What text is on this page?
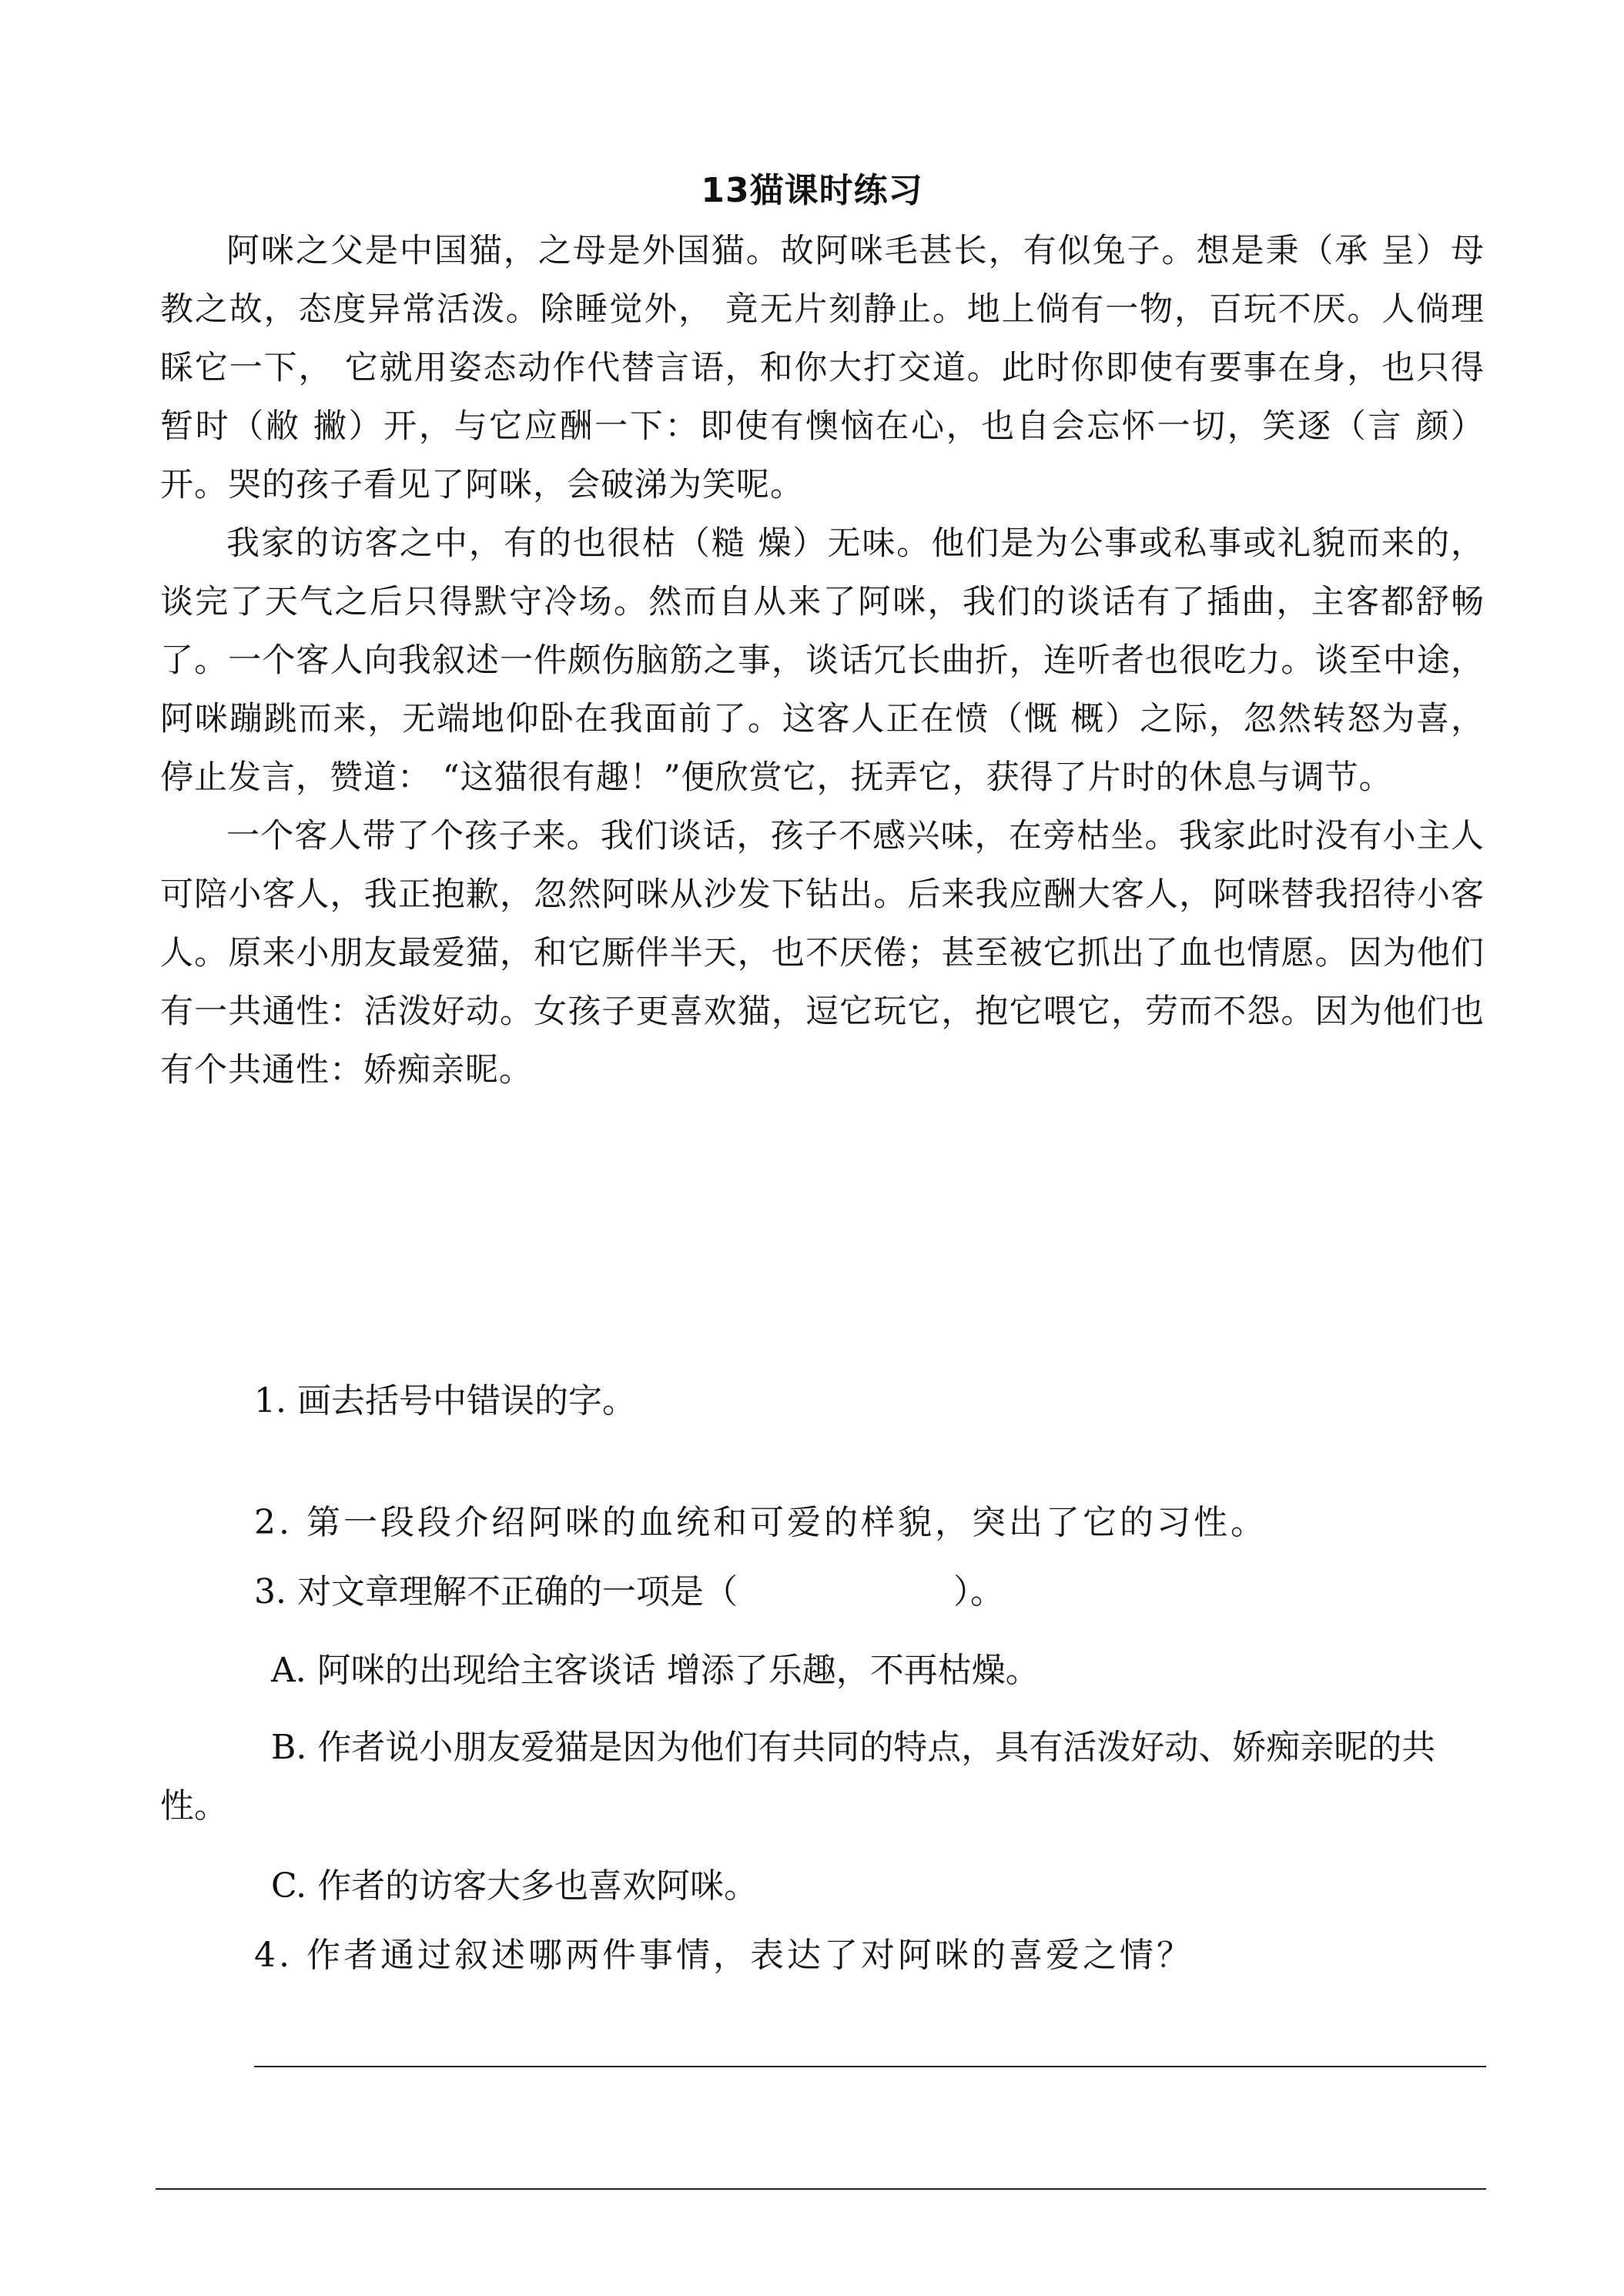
13猫课时练习

阿咪之父是中国猫，之母是外国猫。故阿咪毛甚长，有似兔子。想是秉（承 呈）母教之故，态度异常活泼。除睡觉外， 竟无片刻静止。地上倘有一物，百玩不厌。人倘理睬它一下， 它就用姿态动作代替言语，和你大打交道。此时你即使有要事在身，也只得暂时（敝 撇）开，与它应酬一下：即使有懊恼在心，也自会忘怀一切，笑逐（言 颜）开。哭的孩子看见了阿咪，会破涕为笑呢。

我家的访客之中，有的也很枯（糙 燥）无味。他们是为公事或私事或礼貌而来的，谈完了天气之后只得默守冷场。然而自从来了阿咪，我们的谈话有了插曲，主客都舒畅了。一个客人向我叙述一件颇伤脑筋之事，谈话冗长曲折，连听者也很吃力。谈至中途，阿咪蹦跳而来，无端地仰卧在我面前了。这客人正在愤（慨 概）之际，忽然转怒为喜，停止发言，赞道： “这猫很有趣！”便欣赏它，抚弄它，获得了片时的休息与调节。

一个客人带了个孩子来。我们谈话，孩子不感兴味，在旁枯坐。我家此时没有小主人可陪小客人，我正抱歉，忽然阿咪从沙发下钻出。后来我应酬大客人，阿咪替我招待小客人。原来小朋友最爱猫，和它厮伴半天，也不厌倦；甚至被它抓出了血也情愿。因为他们有一共通性：活泼好动。女孩子更喜欢猫，逗它玩它，抱它喂它，劳而不怨。因为他们也有个共通性：娇痴亲昵。

1. 画去括号中错误的字。
2. 第一段段介绍阿咪的血统和可爱的样貌，突出了它的习性。
3. 对文章理解不正确的一项是（	）。
A. 阿咪的出现给主客谈话 增添了乐趣，不再枯燥。
B. 作者说小朋友爱猫是因为他们有共同的特点，具有活泼好动、娇痴亲昵的共性。
C. 作者的访客大多也喜欢阿咪。
4. 作者通过叙述哪两件事情，表达了对阿咪的喜爱之情？
